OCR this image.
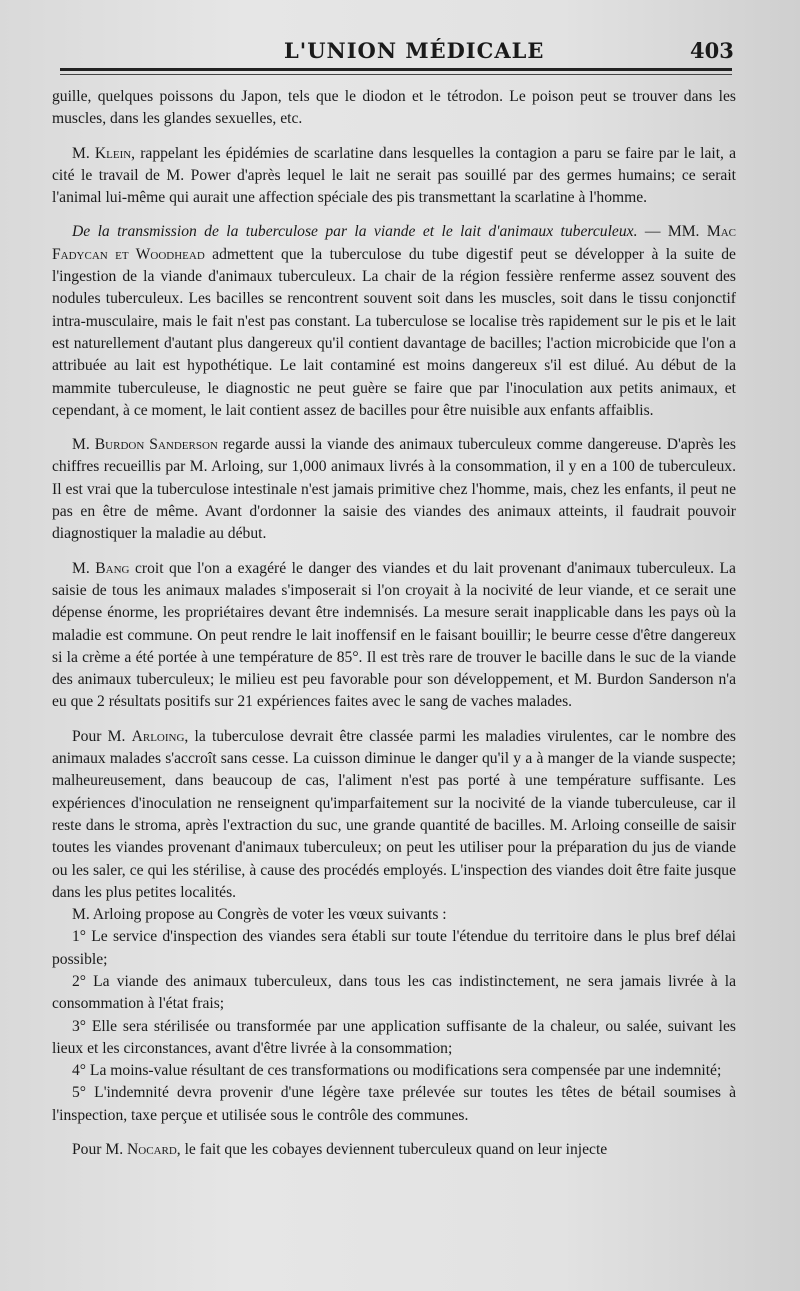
L'UNION MÉDICALE	403

guille, quelques poissons du Japon, tels que le diodon et le tétrodon. Le poison peut se trouver dans les muscles, dans les glandes sexuelles, etc.

M. Klein, rappelant les épidémies de scarlatine dans lesquelles la contagion a paru se faire par le lait, a cité le travail de M. Power d'après lequel le lait ne serait pas souillé par des germes humains; ce serait l'animal lui-même qui aurait une affection spéciale des pis transmettant la scarlatine à l'homme.

De la transmission de la tuberculose par la viande et le lait d'animaux tuberculeux. — MM. Mac Fadycan et Woodhead admettent que la tuberculose du tube digestif peut se développer à la suite de l'ingestion de la viande d'animaux tuberculeux. La chair de la région fessière renferme assez souvent des nodules tuberculeux. Les bacilles se rencontrent souvent soit dans les muscles, soit dans le tissu conjonctif intra-musculaire, mais le fait n'est pas constant. La tuberculose se localise très rapidement sur le pis et le lait est naturellement d'autant plus dangereux qu'il contient davantage de bacilles; l'action microbicide que l'on a attribuée au lait est hypothétique. Le lait contaminé est moins dangereux s'il est dilué. Au début de la mammite tuberculeuse, le diagnostic ne peut guère se faire que par l'inoculation aux petits animaux, et cependant, à ce moment, le lait contient assez de bacilles pour être nuisible aux enfants affaiblis.

M. Burdon Sanderson regarde aussi la viande des animaux tuberculeux comme dangereuse. D'après les chiffres recueillis par M. Arloing, sur 1,000 animaux livrés à la consommation, il y en a 100 de tuberculeux. Il est vrai que la tuberculose intestinale n'est jamais primitive chez l'homme, mais, chez les enfants, il peut ne pas en être de même. Avant d'ordonner la saisie des viandes des animaux atteints, il faudrait pouvoir diagnostiquer la maladie au début.

M. Bang croit que l'on a exagéré le danger des viandes et du lait provenant d'animaux tuberculeux. La saisie de tous les animaux malades s'imposerait si l'on croyait à la nocivité de leur viande, et ce serait une dépense énorme, les propriétaires devant être indemnisés. La mesure serait inapplicable dans les pays où la maladie est commune. On peut rendre le lait inoffensif en le faisant bouillir; le beurre cesse d'être dangereux si la crème a été portée à une température de 85°. Il est très rare de trouver le bacille dans le suc de la viande des animaux tuberculeux; le milieu est peu favorable pour son développement, et M. Burdon Sanderson n'a eu que 2 résultats positifs sur 21 expériences faites avec le sang de vaches malades.

Pour M. Arloing, la tuberculose devrait être classée parmi les maladies virulentes, car le nombre des animaux malades s'accroît sans cesse. La cuisson diminue le danger qu'il y a à manger de la viande suspecte; malheureusement, dans beaucoup de cas, l'aliment n'est pas porté à une température suffisante. Les expériences d'inoculation ne renseignent qu'imparfaitement sur la nocivité de la viande tuberculeuse, car il reste dans le stroma, après l'extraction du suc, une grande quantité de bacilles. M. Arloing conseille de saisir toutes les viandes provenant d'animaux tuberculeux; on peut les utiliser pour la préparation du jus de viande ou les saler, ce qui les stérilise, à cause des procédés employés. L'inspection des viandes doit être faite jusque dans les plus petites localités.

M. Arloing propose au Congrès de voter les vœux suivants :

1° Le service d'inspection des viandes sera établi sur toute l'étendue du territoire dans le plus bref délai possible;

2° La viande des animaux tuberculeux, dans tous les cas indistinctement, ne sera jamais livrée à la consommation à l'état frais;

3° Elle sera stérilisée ou transformée par une application suffisante de la chaleur, ou salée, suivant les lieux et les circonstances, avant d'être livrée à la consommation;

4° La moins-value résultant de ces transformations ou modifications sera compensée par une indemnité;

5° L'indemnité devra provenir d'une légère taxe prélevée sur toutes les têtes de bétail soumises à l'inspection, taxe perçue et utilisée sous le contrôle des communes.

Pour M. Nocard, le fait que les cobayes deviennent tuberculeux quand on leur injecte
